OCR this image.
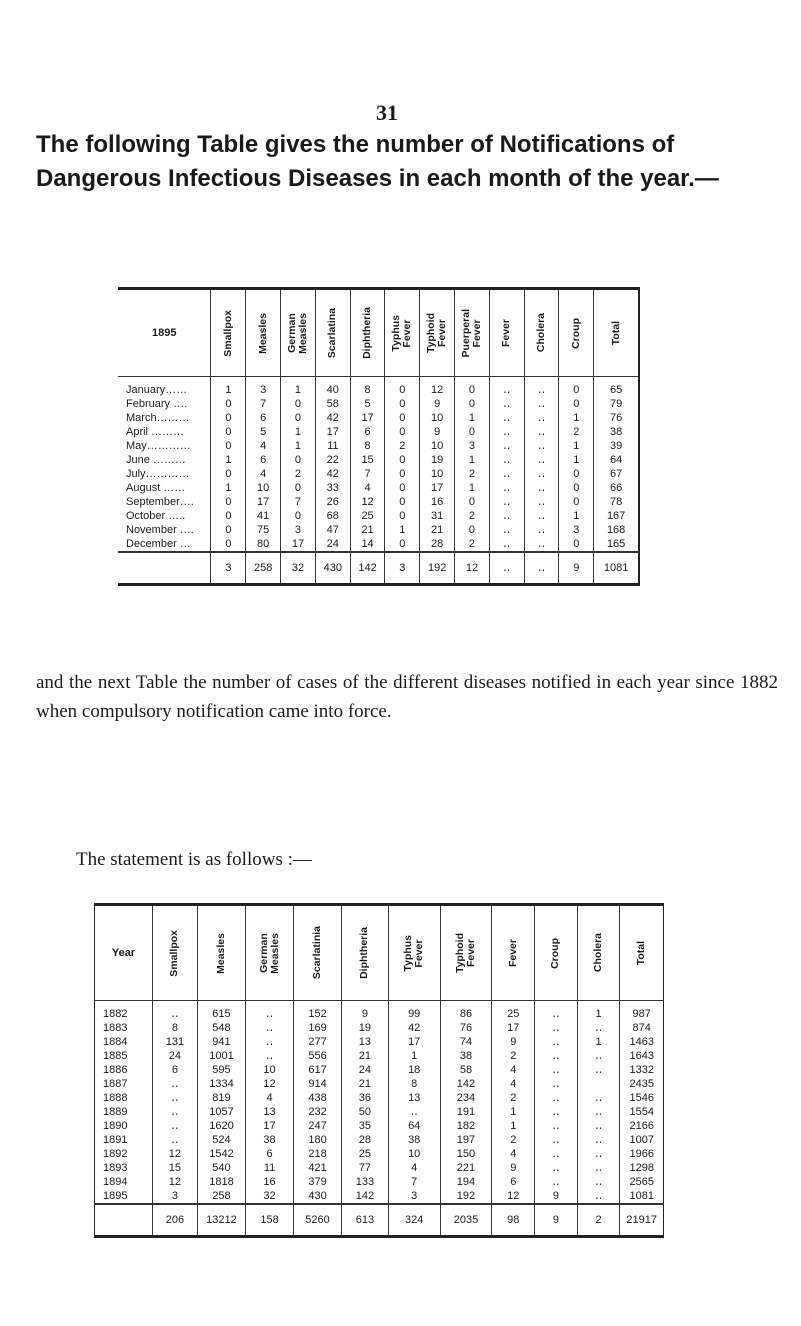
31

The following Table gives the number of Notifications of Dangerous Infectious Diseases in each month of the year.—

1895	Smallpox	Measles	German
Measles	Scarlatina	Diphtheria	Typhus
Fever	Typhoid
Fever	Puerperal
Fever	Fever	Cholera	Croup	Total

January……	1	3	1	40	8	0	12	0	‥	‥	0	65
February ….	0	7	0	58	5	0	9	0	‥	‥	0	79
March………	0	6	0	42	17	0	10	1	‥	‥	1	76
April ………	0	5	1	17	6	0	9	0	‥	‥	2	38
May…………	0	4	1	11	8	2	10	3	‥	‥	1	39
June ………	1	6	0	22	15	0	19	1	‥	‥	1	64
July…………	0	4	2	42	7	0	10	2	‥	‥	0	67
August ……	1	10	0	33	4	0	17	1	‥	‥	0	66
September….	0	17	7	26	12	0	16	0	‥	‥	0	78
October …..	0	41	0	68	25	0	31	2	‥	‥	1	167
November ….	0	75	3	47	21	1	21	0	‥	‥	3	168
December …	0	80	17	24	14	0	28	2	‥	‥	0	165
	3	258	32	430	142	3	192	12	‥	‥	9	1081

and the next Table the number of cases of the different diseases notified in each year since 1882 when compulsory notification came into force.

The statement is as follows :—

Year	Smallpox	Measles	German
Measles	Scarlatinia	Diphtheria	Typhus
Fever	Typhoid
Fever	Fever	Croup	Cholera	Total

1882	‥	615	‥	152	9	99	86	25	‥	1	987
1883	8	548	‥	169	19	42	76	17	‥	‥	874
1884	131	941	‥	277	13	17	74	9	‥	1	1463
1885	24	1001	‥	556	21	1	38	2	‥	‥	1643
1886	6	595	10	617	24	18	58	4	‥	‥	1332
1887	‥	1334	12	914	21	8	142	4	‥		2435
1888	‥	819	4	438	36	13	234	2	‥	‥	1546
1889	‥	1057	13	232	50	‥	191	1	‥	‥	1554
1890	‥	1620	17	247	35	64	182	1	‥	‥	2166
1891	‥	524	38	180	28	38	197	2	‥	‥	1007
1892	12	1542	6	218	25	10	150	4	‥	‥	1966
1893	15	540	11	421	77	4	221	9	‥	‥	1298
1894	12	1818	16	379	133	7	194	6	‥	‥	2565
1895	3	258	32	430	142	3	192	12	9	‥	1081
	206	13212	158	5260	613	324	2035	98	9	2	21917
